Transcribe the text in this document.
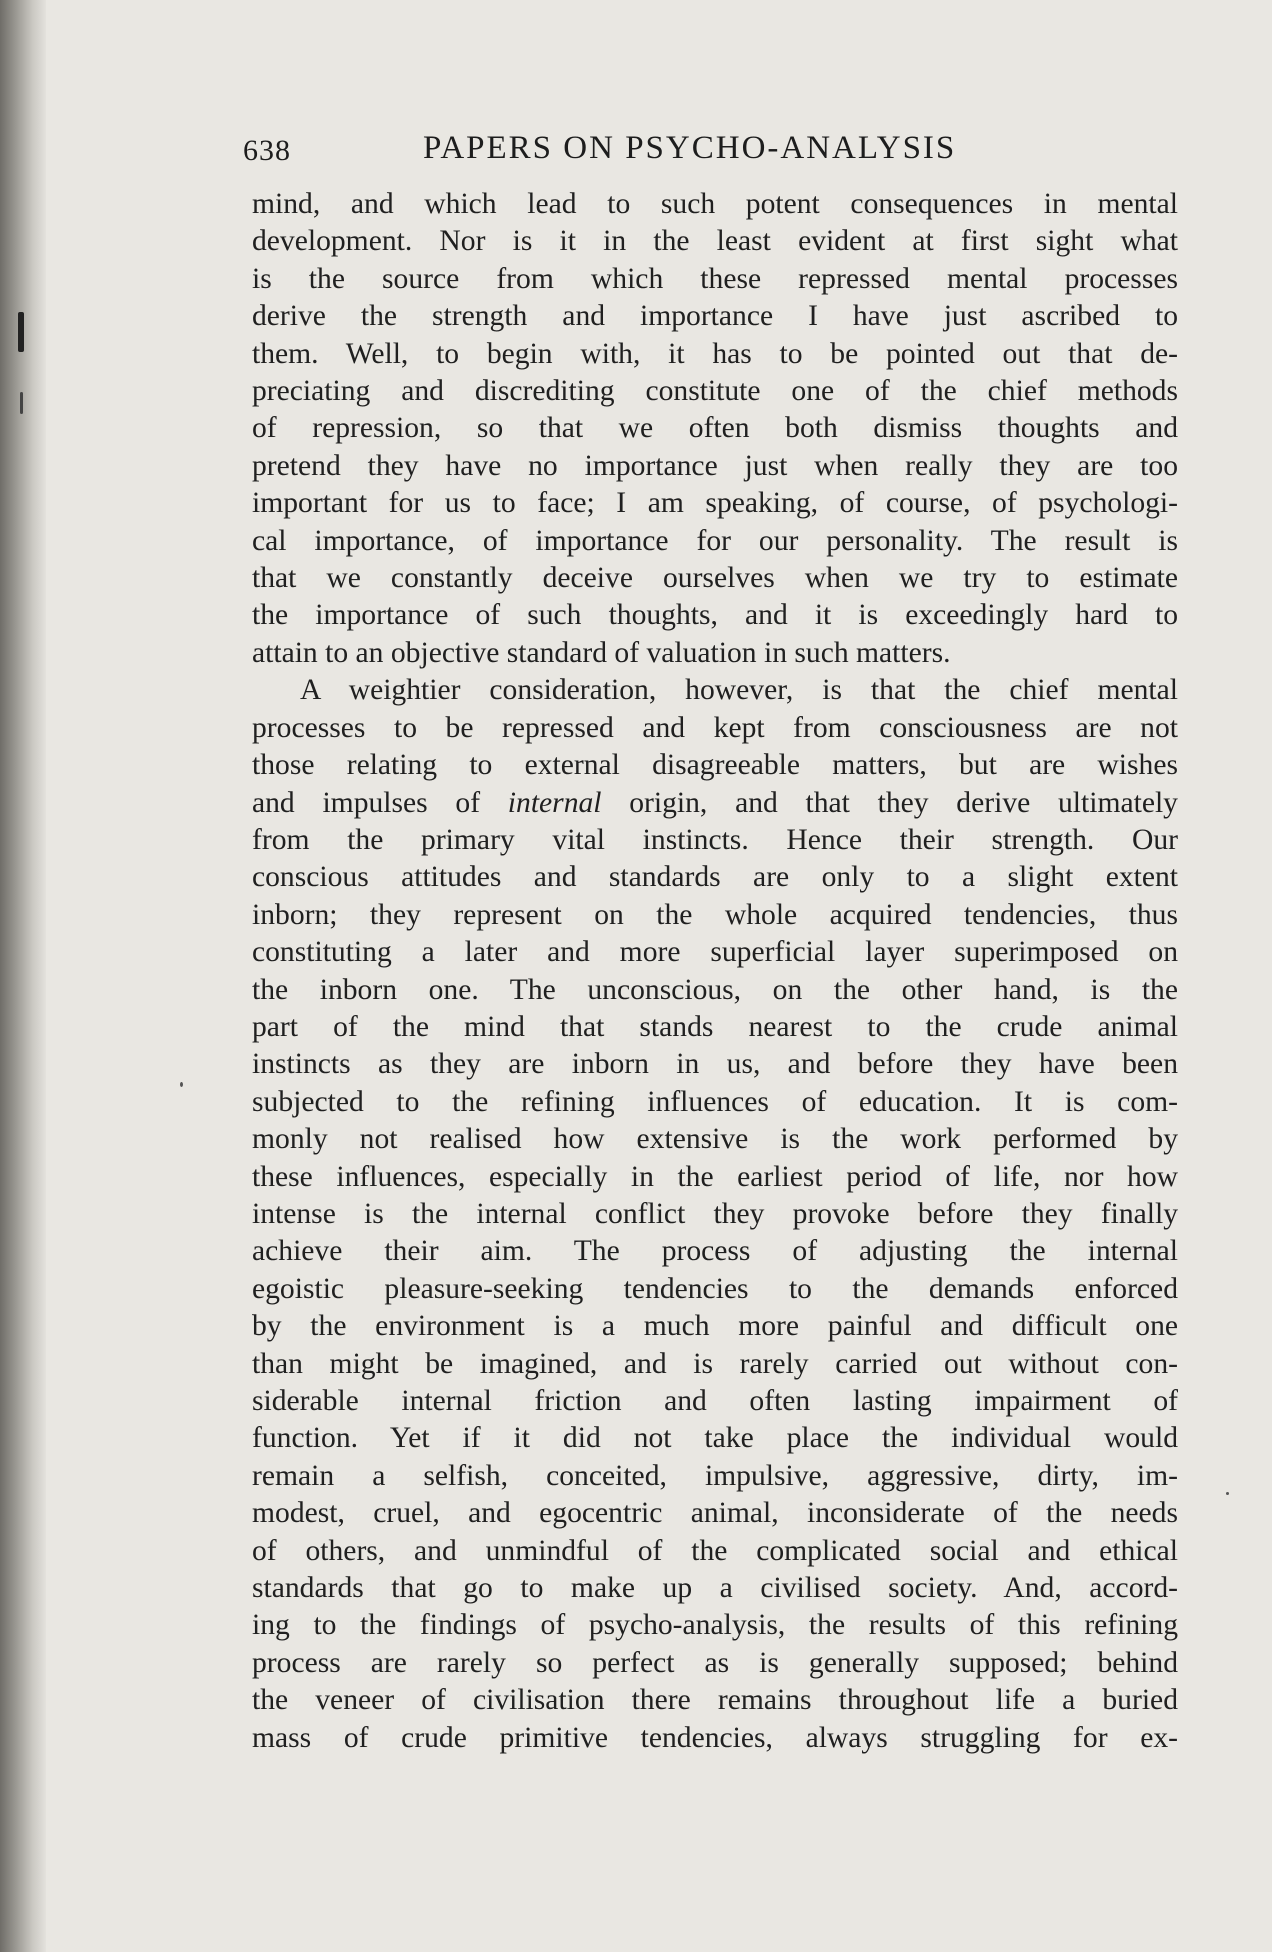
638	PAPERS ON PSYCHO-ANALYSIS
mind, and which lead to such potent consequences in mental
development. Nor is it in the least evident at first sight what
is the source from which these repressed mental processes
derive the strength and importance I have just ascribed to
them. Well, to begin with, it has to be pointed out that de-
preciating and discrediting constitute one of the chief methods
of repression, so that we often both dismiss thoughts and
pretend they have no importance just when really they are too
important for us to face; I am speaking, of course, of psychologi-
cal importance, of importance for our personality. The result is
that we constantly deceive ourselves when we try to estimate
the importance of such thoughts, and it is exceedingly hard to
attain to an objective standard of valuation in such matters.
A weightier consideration, however, is that the chief mental
processes to be repressed and kept from consciousness are not
those relating to external disagreeable matters, but are wishes
and impulses of internal origin, and that they derive ultimately
from the primary vital instincts. Hence their strength. Our
conscious attitudes and standards are only to a slight extent
inborn; they represent on the whole acquired tendencies, thus
constituting a later and more superficial layer superimposed on
the inborn one. The unconscious, on the other hand, is the
part of the mind that stands nearest to the crude animal
instincts as they are inborn in us, and before they have been
subjected to the refining influences of education. It is com-
monly not realised how extensive is the work performed by
these influences, especially in the earliest period of life, nor how
intense is the internal conflict they provoke before they finally
achieve their aim. The process of adjusting the internal
egoistic pleasure-seeking tendencies to the demands enforced
by the environment is a much more painful and difficult one
than might be imagined, and is rarely carried out without con-
siderable internal friction and often lasting impairment of
function. Yet if it did not take place the individual would
remain a selfish, conceited, impulsive, aggressive, dirty, im-
modest, cruel, and egocentric animal, inconsiderate of the needs
of others, and unmindful of the complicated social and ethical
standards that go to make up a civilised society. And, accord-
ing to the findings of psycho-analysis, the results of this refining
process are rarely so perfect as is generally supposed; behind
the veneer of civilisation there remains throughout life a buried
mass of crude primitive tendencies, always struggling for ex-
